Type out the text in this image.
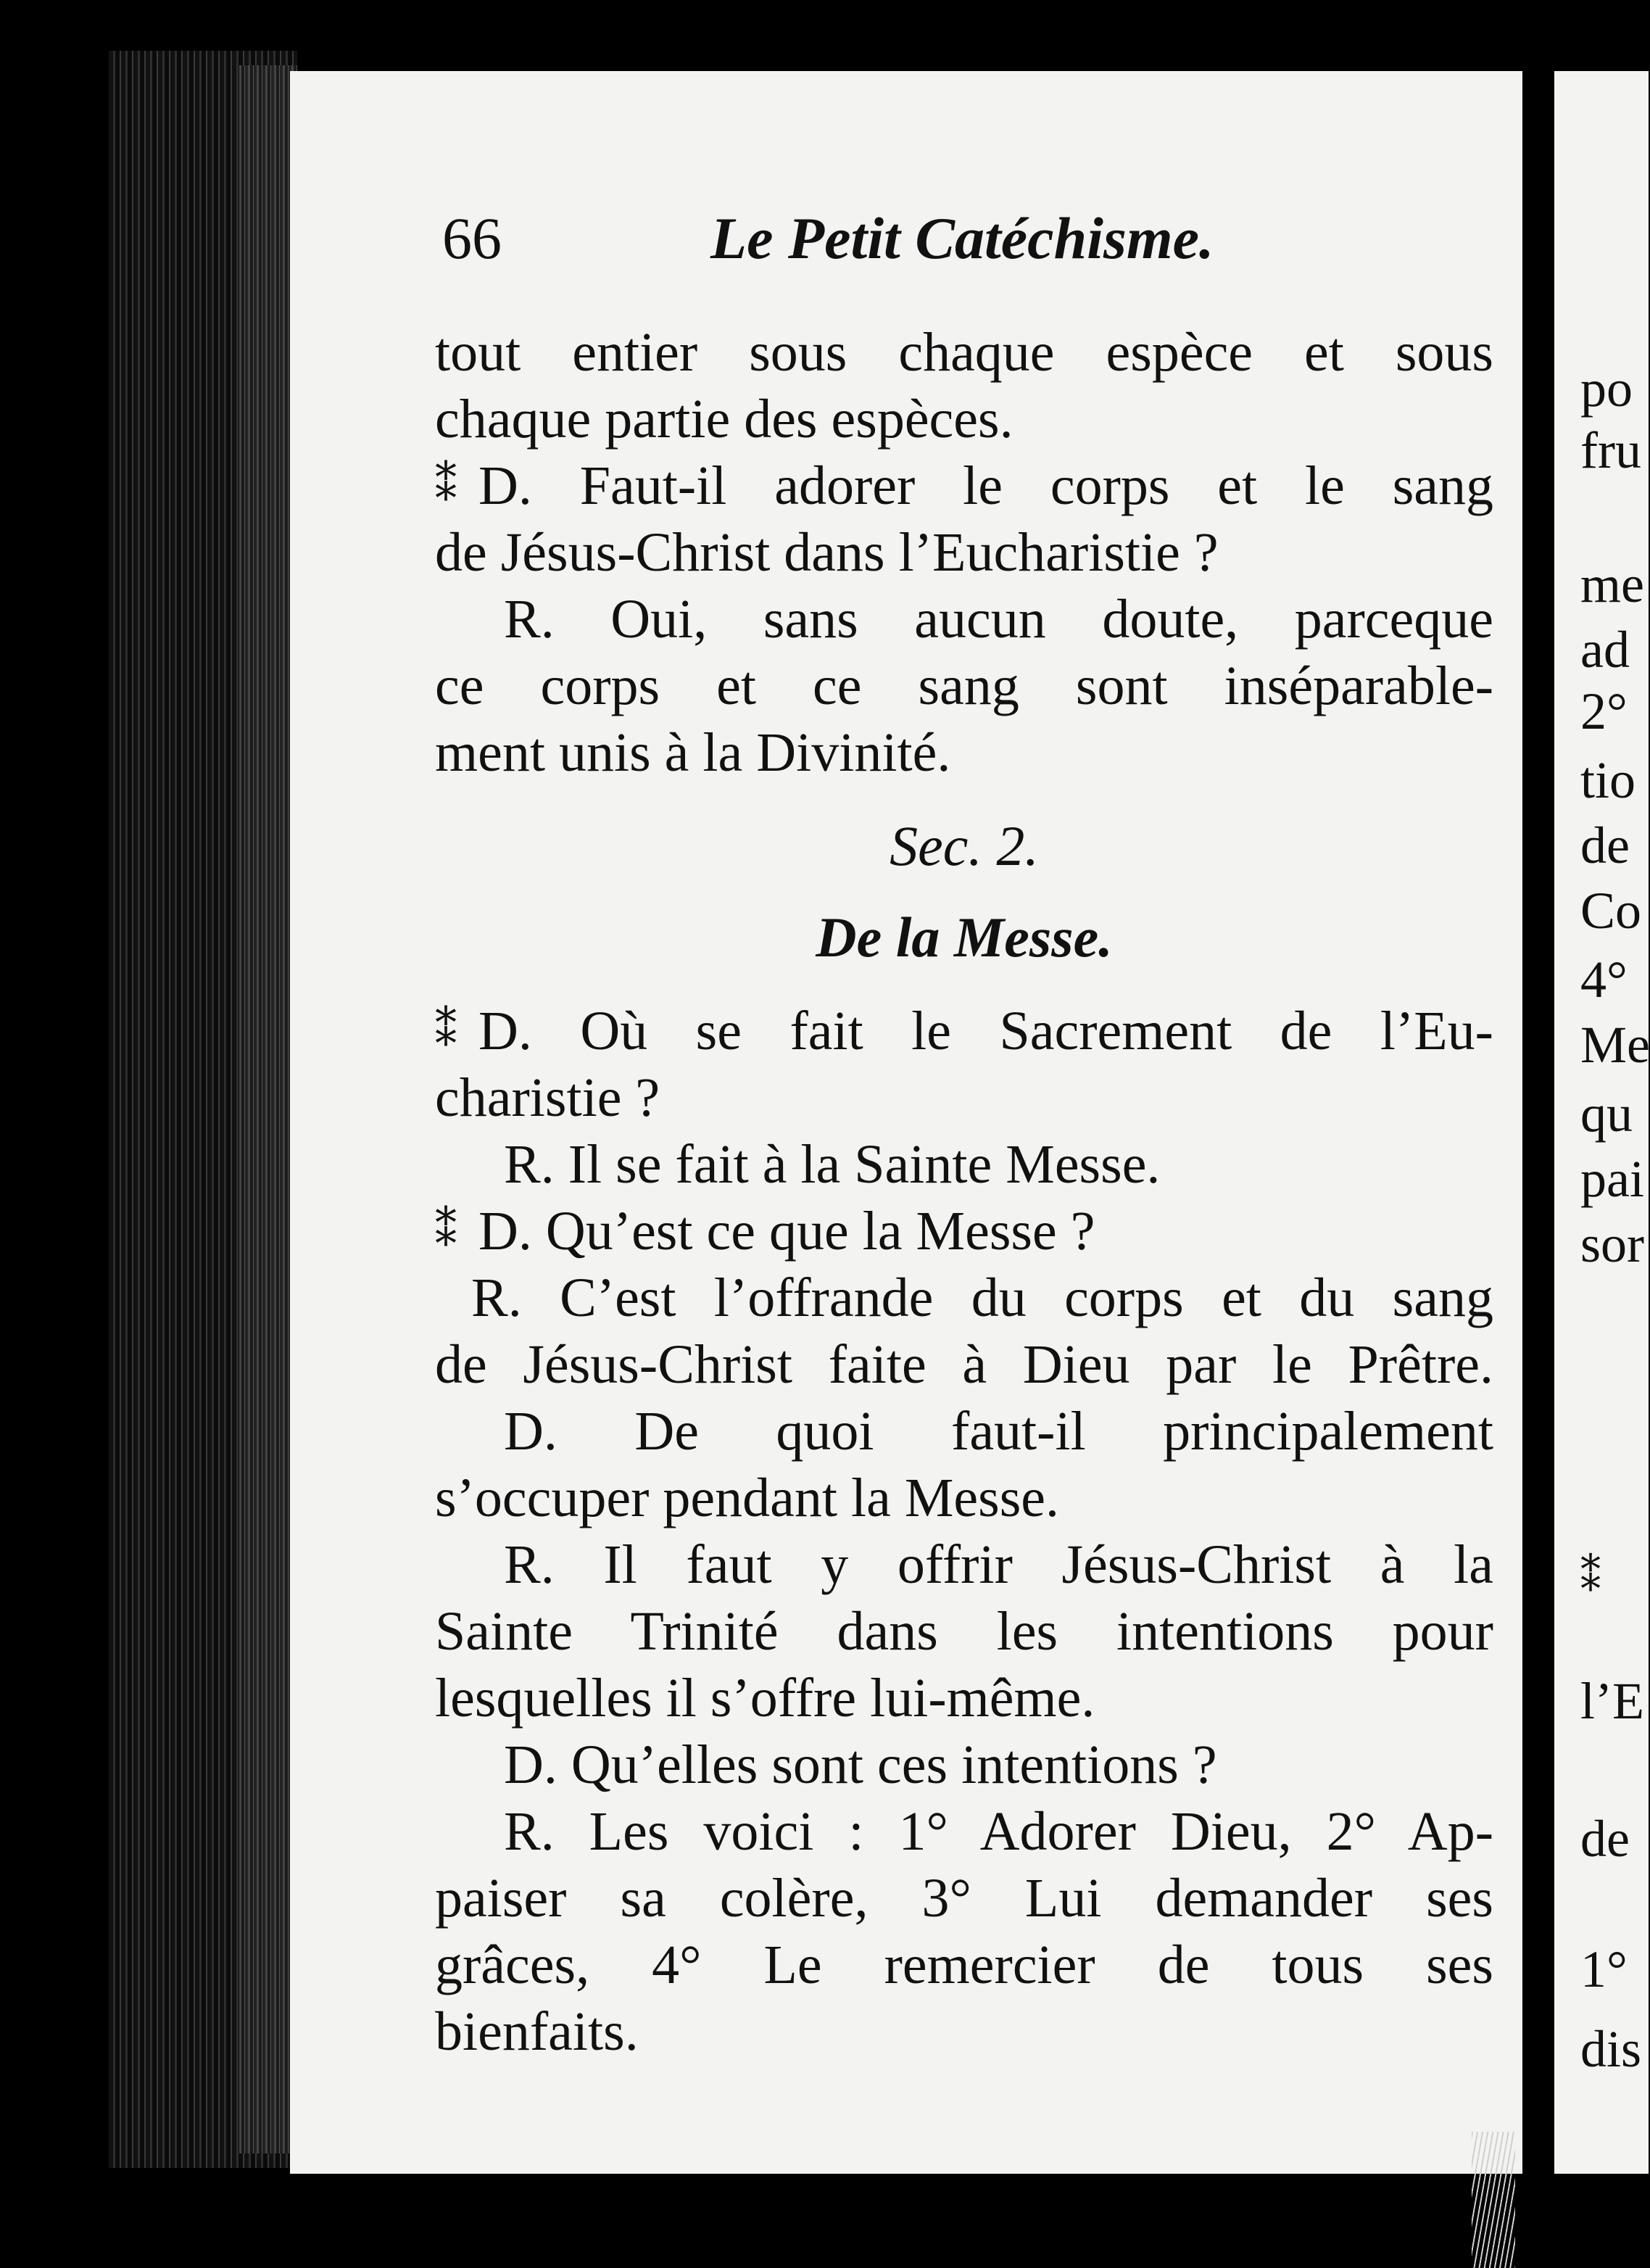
66	Le Petit Catéchisme.
tout entier sous chaque espèce et sous
chaque partie des espèces.
⁑ D. Faut-il adorer le corps et le sang
de Jésus-Christ dans l’Eucharistie ?
R. Oui, sans aucun doute, parceque
ce corps et ce sang sont inséparable-
ment unis à la Divinité.
Sec. 2.
De la Messe.
⁑ D. Où se fait le Sacrement de l’Eu-
charistie ?
R. Il se fait à la Sainte Messe.
⁑ D. Qu’est ce que la Messe ?
R. C’est l’offrande du corps et du sang
de Jésus-Christ faite à Dieu par le Prêtre.
D. De quoi faut-il principalement
s’occuper pendant la Messe.
R. Il faut y offrir Jésus-Christ à la
Sainte Trinité dans les intentions pour
lesquelles il s’offre lui-même.
D. Qu’elles sont ces intentions ?
R. Les voici : 1° Adorer Dieu, 2° Ap-
paiser sa colère, 3° Lui demander ses
grâces, 4° Le remercier de tous ses
bienfaits.
po
fru
me
ad
2°
tio
de
Co
4°
Me
qu
pai
sor
⁑
l’E
de
1°
dis
